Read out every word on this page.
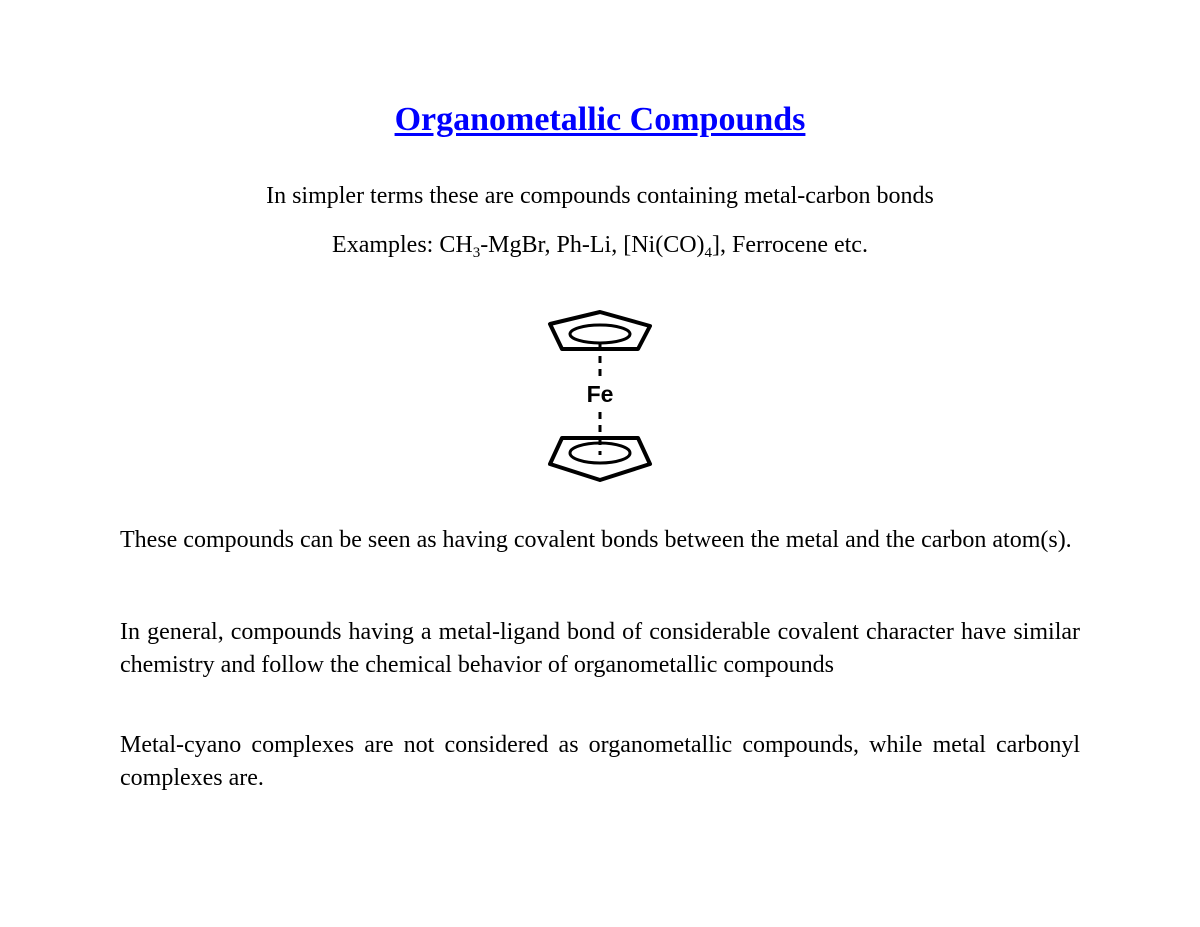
Organometallic Compounds
In simpler terms these are compounds containing metal-carbon bonds
Examples: $CH_3$-MgBr, Ph-Li, $[Ni(CO)_4]$, Ferrocene etc.
Fe
These compounds can be seen as having covalent bonds between the metal and the carbon atom(s).
In general, compounds having a metal-ligand bond of considerable covalent character have similar chemistry and follow the chemical behavior of organometallic compounds
Metal-cyano complexes are not considered as organometallic compounds, while metal carbonyl complexes are.
